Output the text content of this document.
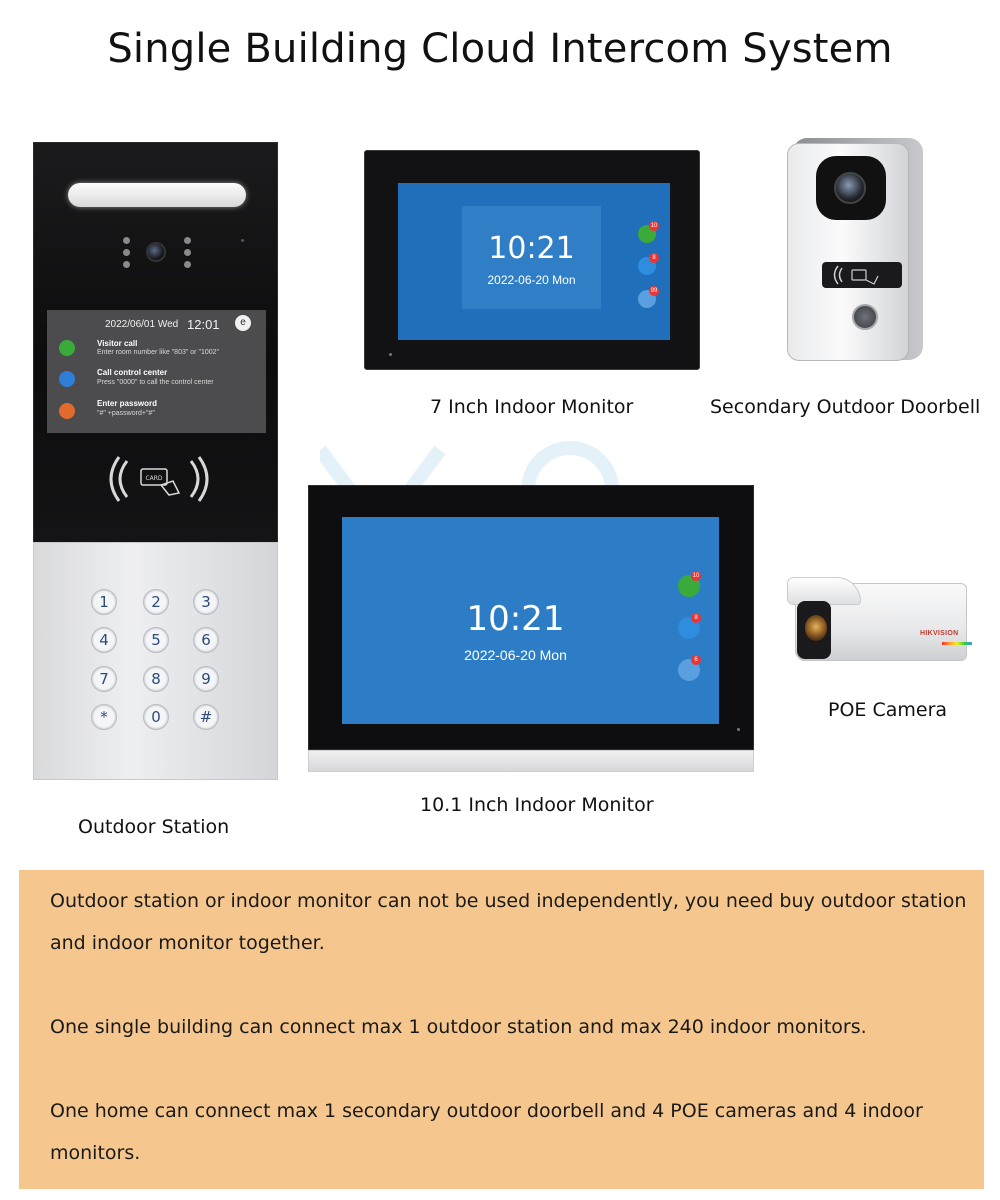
Single Building Cloud Intercom System
2022/06/01 Wed 12:01	e
Visitor call
Enter room number like "803" or "1002"
Call control center
Press "0000" to call the control center
Enter password
"#" +password+"#"
CARD
1	2	3
4	5	6
7	8	9
*	0	#
Outdoor Station
10:21
2022-06-20 Mon
10
8
99
7 Inch Indoor Monitor	Secondary Outdoor Doorbell
10:21
2022-06-20 Mon
10
8
6
10.1 Inch Indoor Monitor
HIKVISION
POE Camera

Outdoor station or indoor monitor can not be used independently, you need buy outdoor station and indoor monitor together.

One single building can connect max 1 outdoor station and max 240 indoor monitors.

One home can connect max 1 secondary outdoor doorbell and 4 POE cameras and 4 indoor monitors.
